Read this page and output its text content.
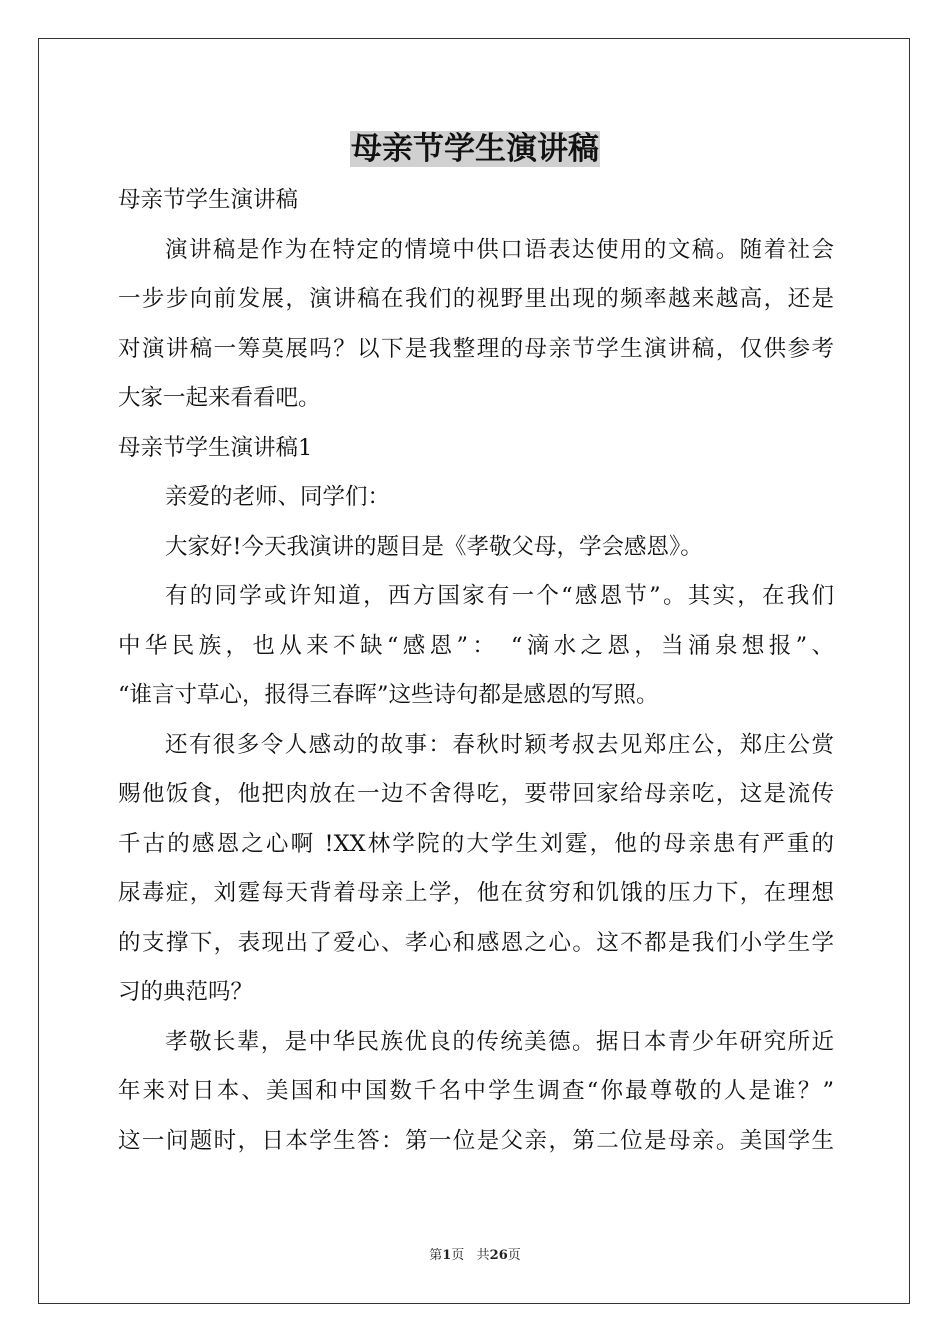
母亲节学生演讲稿
母亲节学生演讲稿
演讲稿是作为在特定的情境中供口语表达使用的文稿。随着社会
一步步向前发展，演讲稿在我们的视野里出现的频率越来越高，还是
对演讲稿一筹莫展吗？以下是我整理的母亲节学生演讲稿，仅供参考
大家一起来看看吧。
母亲节学生演讲稿1
亲爱的老师、同学们：
大家好!今天我演讲的题目是《孝敬父母，学会感恩》。
有的同学或许知道，西方国家有一个“感恩节”。其实，在我们
中华民族，也从来不缺“感恩”： “滴水之恩，当涌泉想报”、
“谁言寸草心，报得三春晖”这些诗句都是感恩的写照。
还有很多令人感动的故事：春秋时颖考叔去见郑庄公，郑庄公赏
赐他饭食，他把肉放在一边不舍得吃，要带回家给母亲吃，这是流传
千古的感恩之心啊 !XX林学院的大学生刘霆，他的母亲患有严重的
尿毒症，刘霆每天背着母亲上学，他在贫穷和饥饿的压力下，在理想
的支撑下，表现出了爱心、孝心和感恩之心。这不都是我们小学生学
习的典范吗？
孝敬长辈，是中华民族优良的传统美德。据日本青少年研究所近
年来对日本、美国和中国数千名中学生调查“你最尊敬的人是谁？”
这一问题时，日本学生答：第一位是父亲，第二位是母亲。美国学生
第1页   共26页
